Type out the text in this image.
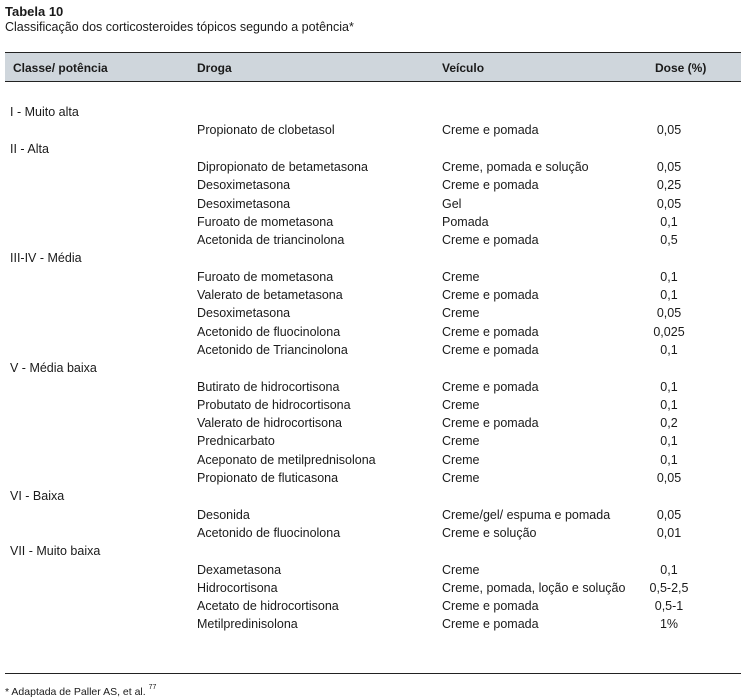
Tabela 10
Classificação dos corticosteroides tópicos segundo a potência*
Classe/ potência	Droga	Veículo	Dose (%)
I - Muito alta
Propionato de clobetasol	Creme e pomada	0,05
II - Alta
Dipropionato de betametasona	Creme, pomada e solução	0,05
Desoximetasona	Creme e pomada	0,25
Desoximetasona	Gel	0,05
Furoato de mometasona	Pomada	0,1
Acetonida de triancinolona	Creme e pomada	0,5
III-IV - Média
Furoato de mometasona	Creme	0,1
Valerato de betametasona	Creme e pomada	0,1
Desoximetasona	Creme	0,05
Acetonido de fluocinolona	Creme e pomada	0,025
Acetonido de Triancinolona	Creme e pomada	0,1
V - Média baixa
Butirato de hidrocortisona	Creme e pomada	0,1
Probutato de hidrocortisona	Creme	0,1
Valerato de hidrocortisona	Creme e pomada	0,2
Prednicarbato	Creme	0,1
Aceponato de metilprednisolona	Creme	0,1
Propionato de fluticasona	Creme	0,05
VI - Baixa
Desonida	Creme/gel/ espuma e pomada	0,05
Acetonido de fluocinolona	Creme e solução	0,01
VII - Muito baixa
Dexametasona	Creme	0,1
Hidrocortisona	Creme, pomada, loção e solução	0,5-2,5
Acetato de hidrocortisona	Creme e pomada	0,5-1
Metilpredinisolona	Creme e pomada	1%
* Adaptada de Paller AS, et al. $^{77}$
